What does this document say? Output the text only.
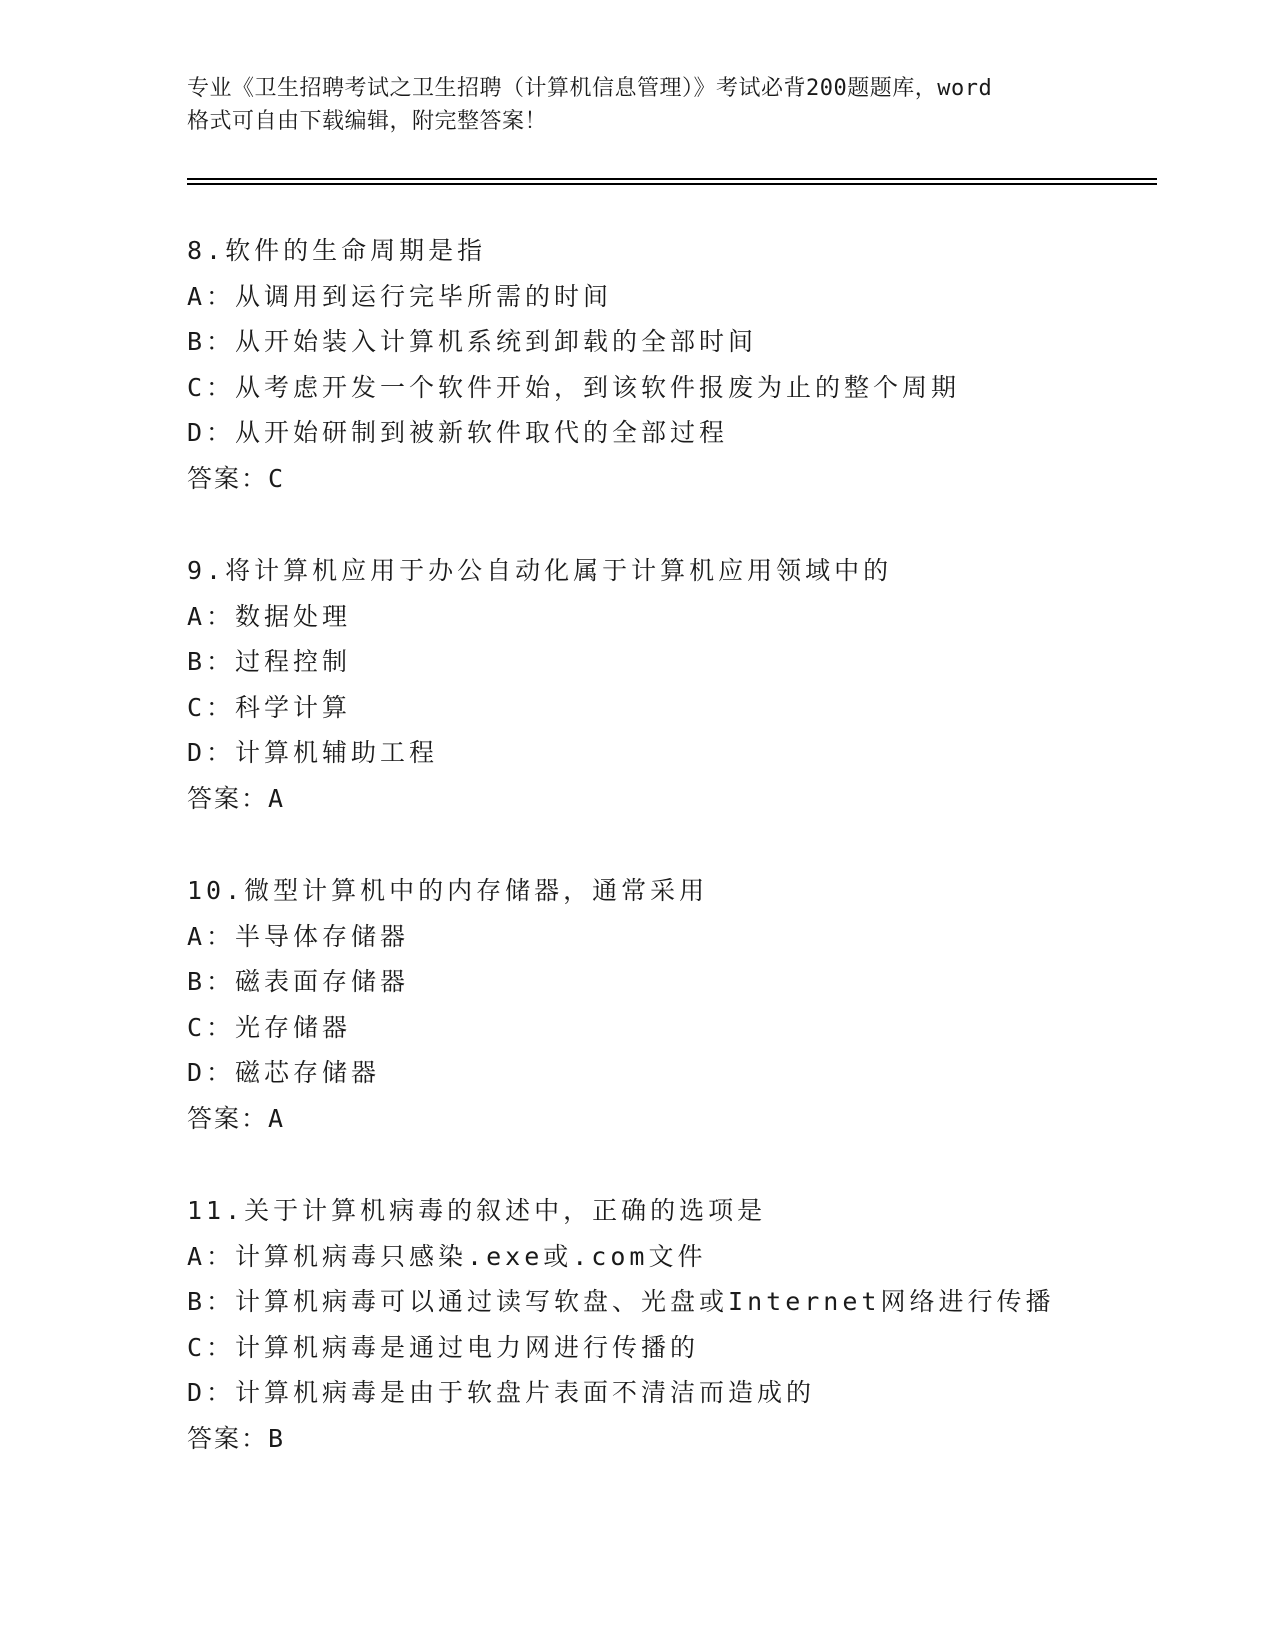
专业《卫生招聘考试之卫生招聘（计算机信息管理）》考试必背200题题库，word
格式可自由下载编辑，附完整答案！
8.软件的生命周期是指
A：从调用到运行完毕所需的时间
B：从开始装入计算机系统到卸载的全部时间
C：从考虑开发一个软件开始，到该软件报废为止的整个周期
D：从开始研制到被新软件取代的全部过程
答案：C
9.将计算机应用于办公自动化属于计算机应用领域中的
A：数据处理
B：过程控制
C：科学计算
D：计算机辅助工程
答案：A
10.微型计算机中的内存储器，通常采用
A：半导体存储器
B：磁表面存储器
C：光存储器
D：磁芯存储器
答案：A
11.关于计算机病毒的叙述中，正确的选项是
A：计算机病毒只感染.exe或.com文件
B：计算机病毒可以通过读写软盘、光盘或Internet网络进行传播
C：计算机病毒是通过电力网进行传播的
D：计算机病毒是由于软盘片表面不清洁而造成的
答案：B
